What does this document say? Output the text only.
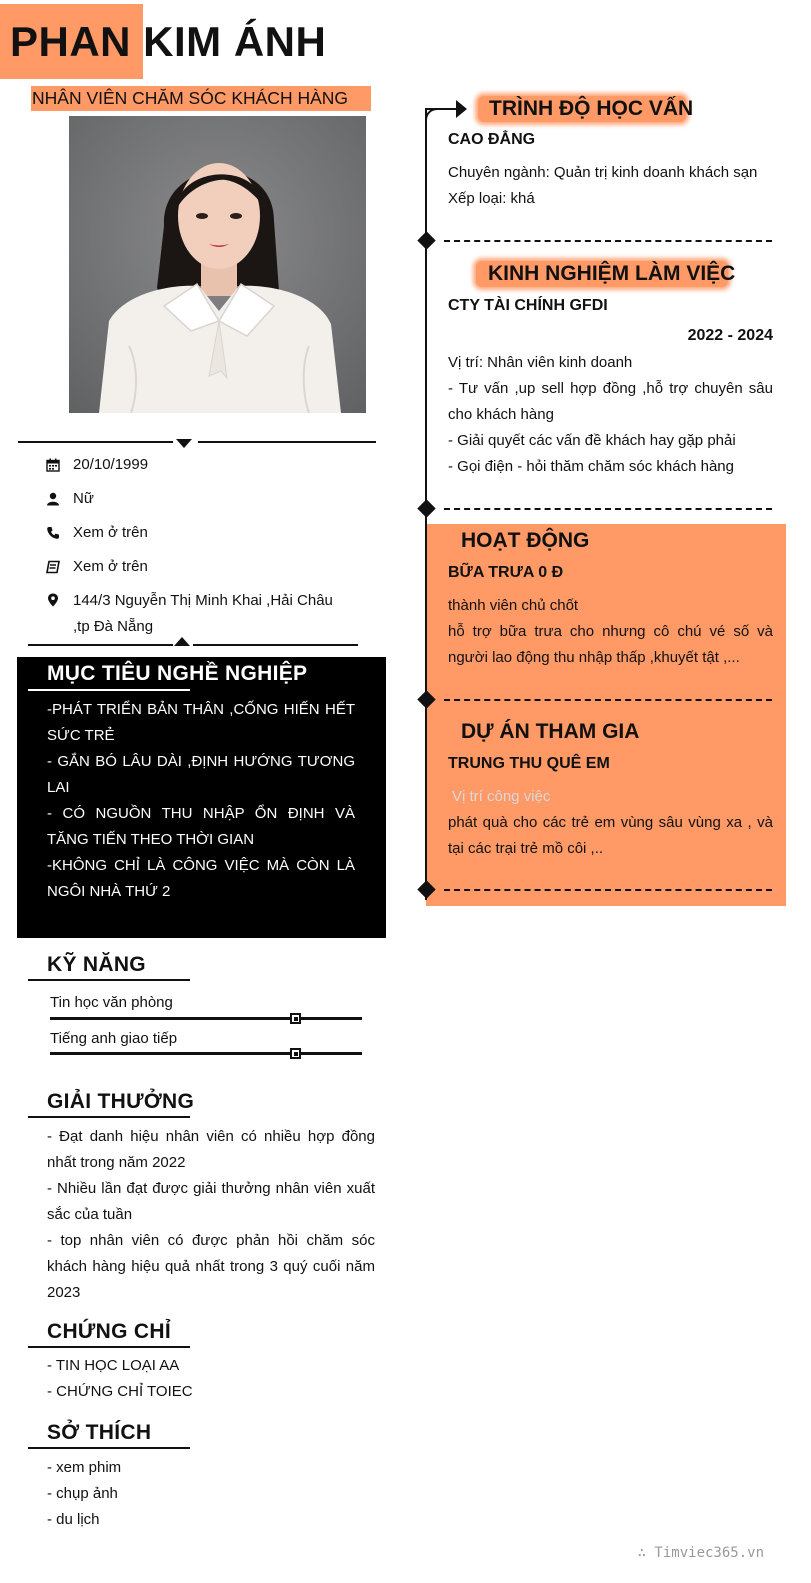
PHAN KIM ÁNH
NHÂN VIÊN CHĂM SÓC KHÁCH HÀNG
20/10/1999
Nữ
Xem ở trên
Xem ở trên
144/3 Nguyễn Thị Minh Khai ,Hải Châu ,tp Đà Nẵng
MỤC TIÊU NGHỀ NGHIỆP
-PHÁT TRIỂN BẢN THÂN ,CỐNG HIẾN HẾT SỨC TRẺ
- GẮN BÓ LÂU DÀI ,ĐỊNH HƯỚNG TƯƠNG LAI
- CÓ NGUỒN THU NHẬP ỔN ĐỊNH VÀ TĂNG TIẾN THEO THỜI GIAN
-KHÔNG CHỈ LÀ CÔNG VIỆC MÀ CÒN LÀ NGÔI NHÀ THỨ 2
KỸ NĂNG
Tin học văn phòng
Tiếng anh giao tiếp
GIẢI THƯỞNG
- Đạt danh hiệu nhân viên có nhiều hợp đồng nhất trong năm 2022
- Nhiều lần đạt được giải thưởng nhân viên xuất sắc của tuần
- top nhân viên có được phản hồi chăm sóc khách hàng hiệu quả nhất trong 3 quý cuối năm 2023
CHỨNG CHỈ
- TIN HỌC LOẠI AA
- CHỨNG CHỈ TOIEC
SỞ THÍCH
- xem phim
- chụp ảnh
- du lịch
TRÌNH ĐỘ HỌC VẤN
CAO ĐẲNG
Chuyên ngành: Quản trị kinh doanh khách sạn
Xếp loại: khá
KINH NGHIỆM LÀM VIỆC
CTY TÀI CHÍNH GFDI
2022 - 2024
Vị trí: Nhân viên kinh doanh
- Tư vấn ,up sell hợp đồng ,hỗ trợ chuyên sâu cho khách hàng
- Giải quyết các vấn đề khách hay gặp phải
- Gọi điện - hỏi thăm chăm sóc khách hàng
HOẠT ĐỘNG
BỮA TRƯA 0 Đ
thành viên chủ chốt
hỗ trợ bữa trưa cho nhưng cô chú vé số và người lao động thu nhập thấp ,khuyết tật ,...
DỰ ÁN THAM GIA
TRUNG THU QUÊ EM
Vị trí công việc
phát quà cho các trẻ em vùng sâu vùng xa , và tại các trại trẻ mồ côi ,..
∴ Timviec365.vn
